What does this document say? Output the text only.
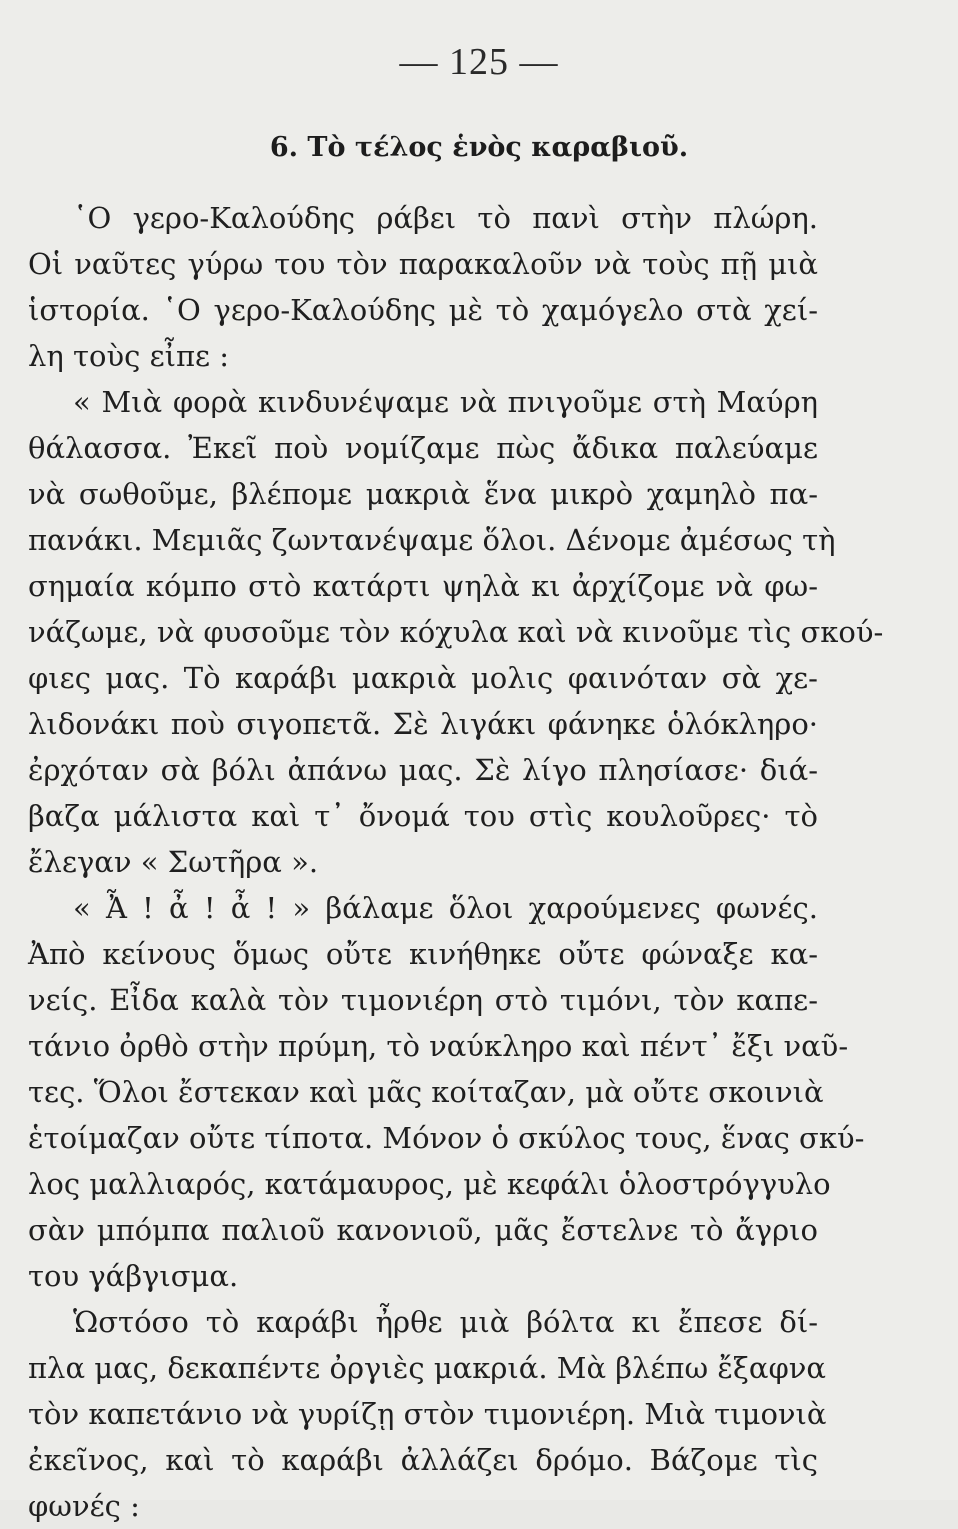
— 125 —
6. Τὸ τέλος ἑνὸς καραβιοῦ.
῾Ο γερο-Καλούδης ράβει τὸ πανὶ στὴν πλώρη.
Οἱ ναῦτες γύρω του τὸν παρακαλοῦν νὰ τοὺς πῇ μιὰ
ἱστορία. ῾Ο γερο-Καλούδης μὲ τὸ χαμόγελο στὰ χεί-
λη τοὺς εἶπε :
« Μιὰ φορὰ κινδυνέψαμε νὰ πνιγοῦμε στὴ Μαύρη
θάλασσα. Ἐκεῖ ποὺ νομίζαμε πὼς ἄδικα παλεύαμε
νὰ σωθοῦμε, βλέπομε μακριὰ ἕνα μικρὸ χαμηλὸ πα-
πανάκι. Μεμιᾶς ζωντανέψαμε ὅλοι. Δένομε ἀμέσως τὴ
σημαία κόμπο στὸ κατάρτι ψηλὰ κι ἀρχίζομε νὰ φω-
νάζωμε, νὰ φυσοῦμε τὸν κόχυλα καὶ νὰ κινοῦμε τὶς σκού-
φιες μας. Τὸ καράβι μακριὰ μολις φαινόταν σὰ χε-
λιδονάκι ποὺ σιγοπετᾶ. Σὲ λιγάκι φάνηκε ὁλόκληρο·
ἐρχόταν σὰ βόλι ἀπάνω μας. Σὲ λίγο πλησίασε· διά-
βαζα μάλιστα καὶ τ᾿ ὄνομά του στὶς κουλοῦρες· τὸ
ἔλεγαν « Σωτῆρα ».
« Ἆ ! ἆ ! ἆ ! » βάλαμε ὅλοι χαρούμενες φωνές.
Ἀπὸ κείνους ὅμως οὔτε κινήθηκε οὔτε φώναξε κα-
νείς. Εἶδα καλὰ τὸν τιμονιέρη στὸ τιμόνι, τὸν καπε-
τάνιο ὀρθὸ στὴν πρύμη, τὸ ναύκληρο καὶ πέντ᾿ ἔξι ναῦ-
τες. Ὅλοι ἔστεκαν καὶ μᾶς κοίταζαν, μὰ οὔτε σκοινιὰ
ἑτοίμαζαν οὔτε τίποτα. Μόνον ὁ σκύλος τους, ἕνας σκύ-
λος μαλλιαρός, κατάμαυρος, μὲ κεφάλι ὁλοστρόγγυλο
σὰν μπόμπα παλιοῦ κανονιοῦ, μᾶς ἔστελνε τὸ ἄγριο
του γάβγισμα.
Ὡστόσο τὸ καράβι ἦρθε μιὰ βόλτα κι ἔπεσε δί-
πλα μας, δεκαπέντε ὀργιὲς μακριά. Μὰ βλέπω ἔξαφνα
τὸν καπετάνιο νὰ γυρίζῃ στὸν τιμονιέρη. Μιὰ τιμονιὰ
ἐκεῖνος, καὶ τὸ καράβι ἀλλάζει δρόμο. Βάζομε τὶς
φωνές :
